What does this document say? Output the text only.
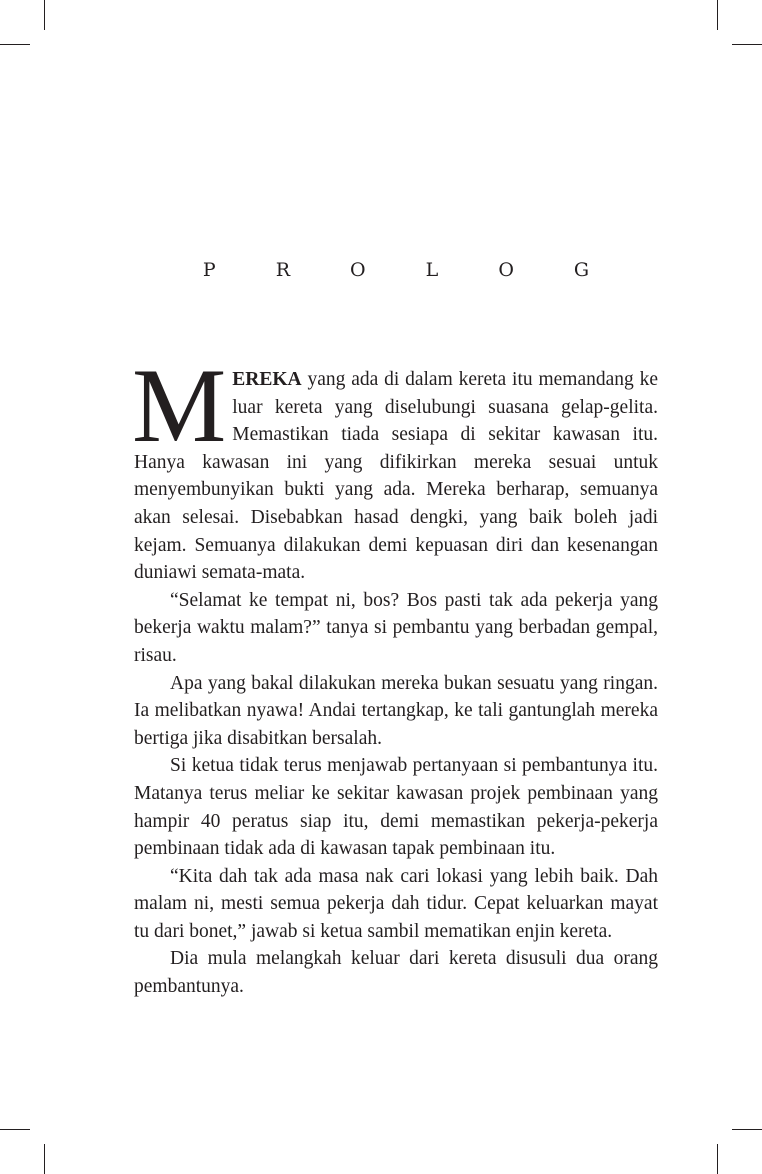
P R O L O G

MEREKA yang ada di dalam kereta itu memandang ke luar kereta yang diselubungi suasana gelap-gelita. Memastikan tiada sesiapa di sekitar kawasan itu. Hanya kawasan ini yang difikirkan mereka sesuai untuk menyembunyikan bukti yang ada. Mereka berharap, semuanya akan selesai. Disebabkan hasad dengki, yang baik boleh jadi kejam. Semuanya dilakukan demi kepuasan diri dan kesenangan duniawi semata-mata.

“Selamat ke tempat ni, bos? Bos pasti tak ada pekerja yang bekerja waktu malam?” tanya si pembantu yang berbadan gempal, risau.

Apa yang bakal dilakukan mereka bukan sesuatu yang ringan. Ia melibatkan nyawa! Andai tertangkap, ke tali gantunglah mereka bertiga jika disabitkan bersalah.

Si ketua tidak terus menjawab pertanyaan si pembantunya itu. Matanya terus meliar ke sekitar kawasan projek pembinaan yang hampir 40 peratus siap itu, demi memastikan pekerja-pekerja pembinaan tidak ada di kawasan tapak pembinaan itu.

“Kita dah tak ada masa nak cari lokasi yang lebih baik. Dah malam ni, mesti semua pekerja dah tidur. Cepat keluarkan mayat tu dari bonet,” jawab si ketua sambil mematikan enjin kereta.

Dia mula melangkah keluar dari kereta disusuli dua orang pembantunya.
